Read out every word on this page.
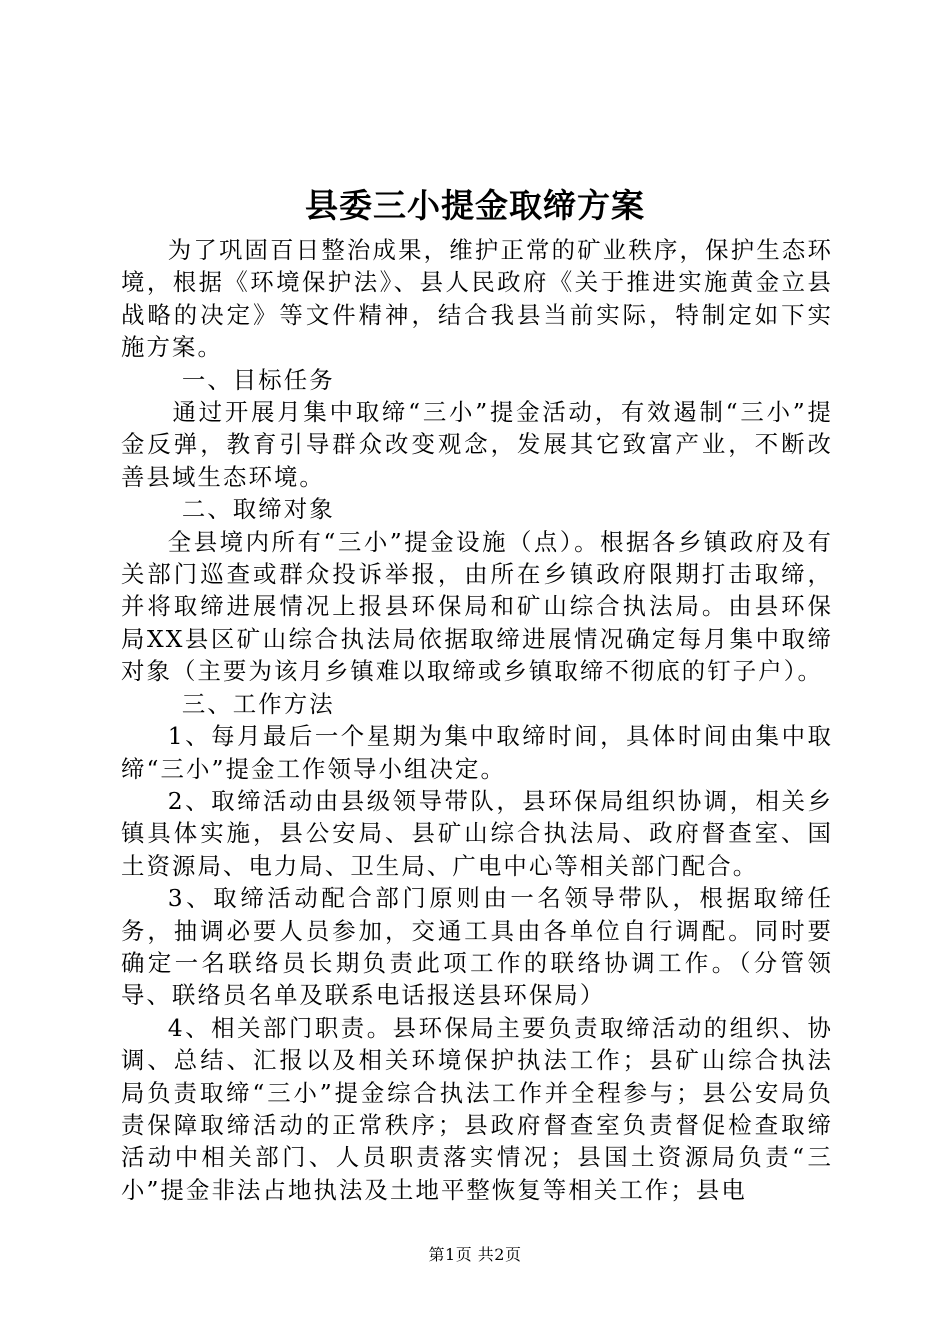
县委三小提金取缔方案

为了巩固百日整治成果，维护正常的矿业秩序，保护生态环境，根据《环境保护法》、县人民政府《关于推进实施黄金立县战略的决定》等文件精神，结合我县当前实际，特制定如下实施方案。

一、目标任务

通过开展月集中取缔“三小”提金活动，有效遏制“三小”提金反弹，教育引导群众改变观念，发展其它致富产业，不断改善县域生态环境。

二、取缔对象

全县境内所有“三小”提金设施（点）。根据各乡镇政府及有关部门巡查或群众投诉举报，由所在乡镇政府限期打击取缔，并将取缔进展情况上报县环保局和矿山综合执法局。由县环保局XX县区矿山综合执法局依据取缔进展情况确定每月集中取缔对象（主要为该月乡镇难以取缔或乡镇取缔不彻底的钉子户）。

三、工作方法

1、每月最后一个星期为集中取缔时间，具体时间由集中取缔“三小”提金工作领导小组决定。

2、取缔活动由县级领导带队，县环保局组织协调，相关乡镇具体实施，县公安局、县矿山综合执法局、政府督查室、国土资源局、电力局、卫生局、广电中心等相关部门配合。

3、取缔活动配合部门原则由一名领导带队，根据取缔任务，抽调必要人员参加，交通工具由各单位自行调配。同时要确定一名联络员长期负责此项工作的联络协调工作。（分管领导、联络员名单及联系电话报送县环保局）

4、相关部门职责。县环保局主要负责取缔活动的组织、协调、总结、汇报以及相关环境保护执法工作；县矿山综合执法局负责取缔“三小”提金综合执法工作并全程参与；县公安局负责保障取缔活动的正常秩序；县政府督查室负责督促检查取缔活动中相关部门、人员职责落实情况；县国土资源局负责“三小”提金非法占地执法及土地平整恢复等相关工作；县电

第1页 共2页
